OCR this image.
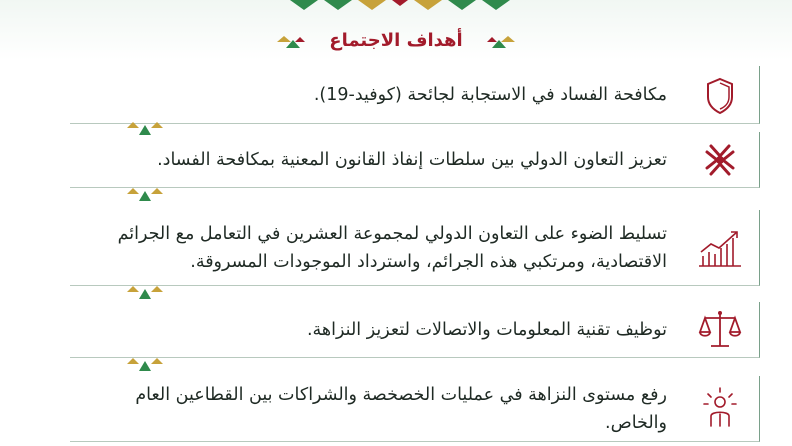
أهداف الاجتماع
مكافحة الفساد في الاستجابة لجائحة (كوفيد-19).
تعزيز التعاون الدولي بين سلطات إنفاذ القانون المعنية بمكافحة الفساد.
تسليط الضوء على التعاون الدولي لمجموعة العشرين في التعامل مع الجرائم الاقتصادية، ومرتكبي هذه الجرائم، واسترداد الموجودات المسروقة.
توظيف تقنية المعلومات والاتصالات لتعزيز النزاهة.
رفع مستوى النزاهة في عمليات الخصخصة والشراكات بين القطاعين العام والخاص.
